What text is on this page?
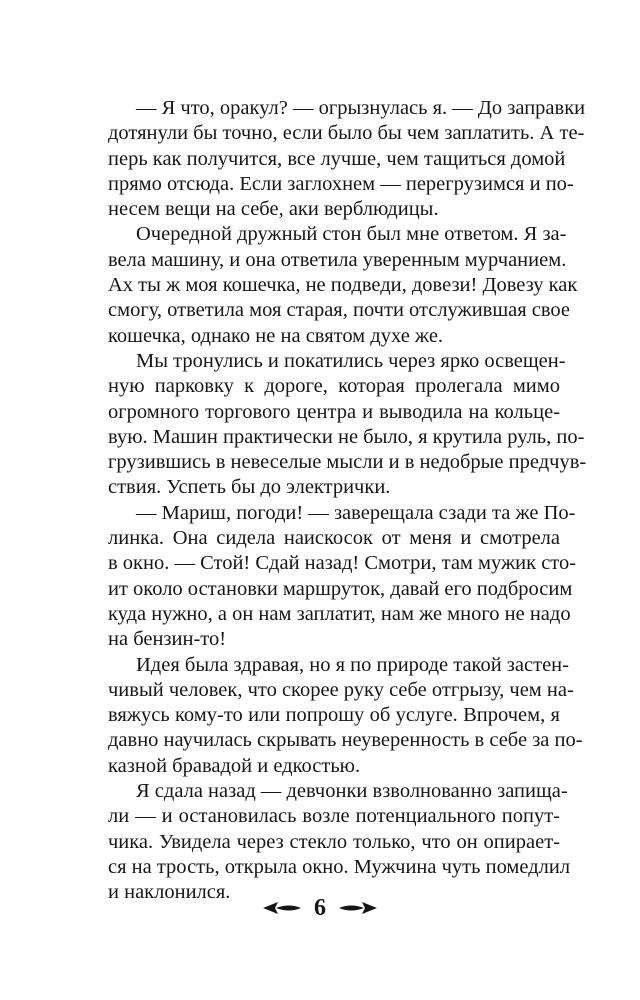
— Я что, оракул? — огрызнулась я. — До заправки
дотянули бы точно, если было бы чем заплатить. А те-
перь как получится, все лучше, чем тащиться домой
прямо отсюда. Если заглохнем — перегрузимся и по-
несем вещи на себе, аки верблюдицы.
Очередной дружный стон был мне ответом. Я за-
вела машину, и она ответила уверенным мурчанием.
Ах ты ж моя кошечка, не подведи, довези! Довезу как
смогу, ответила моя старая, почти отслужившая свое
кошечка, однако не на святом духе же.
Мы тронулись и покатились через ярко освещен-
ную парковку к дороге, которая пролегала мимо
огромного торгового центра и выводила на кольце-
вую. Машин практически не было, я крутила руль, по-
грузившись в невеселые мысли и в недобрые предчув-
ствия. Успеть бы до электрички.
— Мариш, погоди! — заверещала сзади та же По-
линка. Она сидела наискосок от меня и смотрела
в окно. — Стой! Сдай назад! Смотри, там мужик сто-
ит около остановки маршруток, давай его подбросим
куда нужно, а он нам заплатит, нам же много не надо
на бензин-то!
Идея была здравая, но я по природе такой застен-
чивый человек, что скорее руку себе отгрызу, чем на-
вяжусь кому-то или попрошу об услуге. Впрочем, я
давно научилась скрывать неуверенность в себе за по-
казной бравадой и едкостью.
Я сдала назад — девчонки взволнованно запища-
ли — и остановилась возле потенциального попут-
чика. Увидела через стекло только, что он опирает-
ся на трость, открыла окно. Мужчина чуть помедлил
и наклонился.
6
